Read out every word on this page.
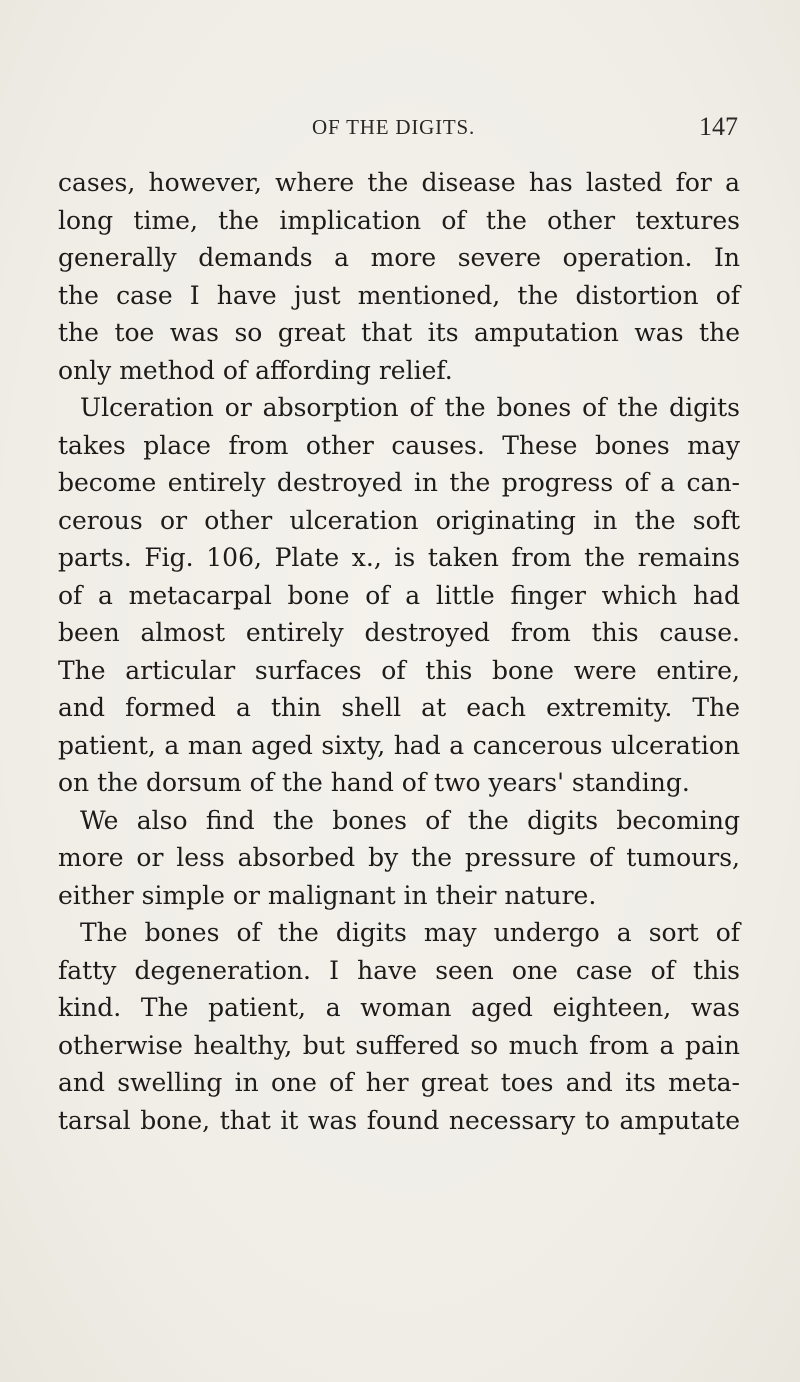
OF THE DIGITS.	147

cases, however, where the disease has lasted for a

long time, the implication of the other textures

generally demands a more severe operation. In

the case I have just mentioned, the distortion of

the toe was so great that its amputation was the

only method of affording relief.

Ulceration or absorption of the bones of the digits

takes place from other causes. These bones may

become entirely destroyed in the progress of a can-

cerous or other ulceration originating in the soft

parts. Fig. 106, Plate x., is taken from the remains

of a metacarpal bone of a little finger which had

been almost entirely destroyed from this cause.

The articular surfaces of this bone were entire,

and formed a thin shell at each extremity. The

patient, a man aged sixty, had a cancerous ulceration

on the dorsum of the hand of two years' standing.

We also find the bones of the digits becoming

more or less absorbed by the pressure of tumours,

either simple or malignant in their nature.

The bones of the digits may undergo a sort of

fatty degeneration. I have seen one case of this

kind. The patient, a woman aged eighteen, was

otherwise healthy, but suffered so much from a pain

and swelling in one of her great toes and its meta-

tarsal bone, that it was found necessary to amputate
